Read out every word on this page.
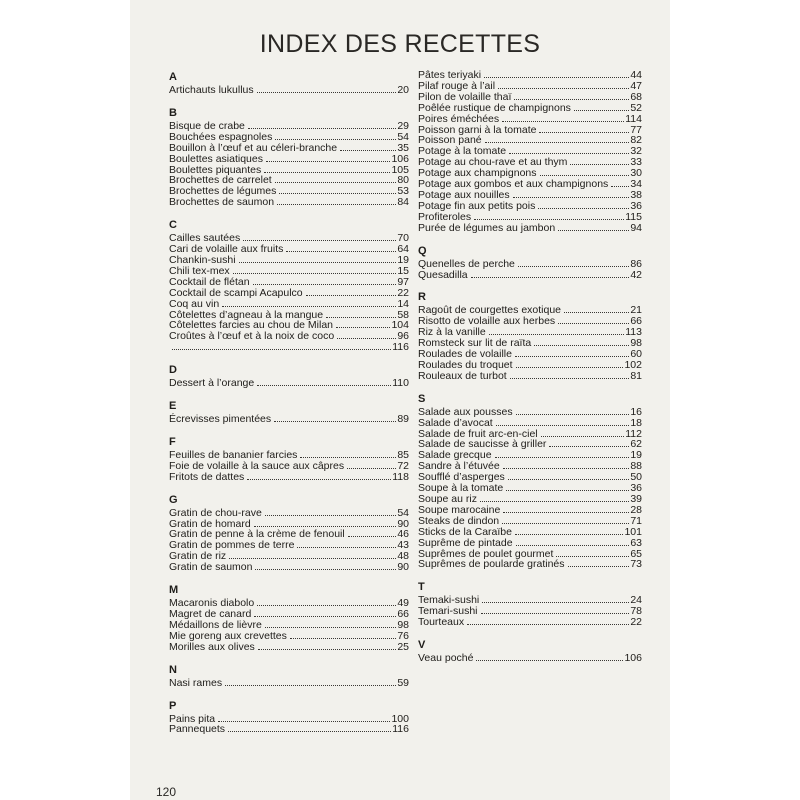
INDEX DES RECETTES
A
Artichauts lukullus	20
B
Bisque de crabe	29
Bouchées espagnoles	54
Bouillon à l’œuf et au céleri-branche	35
Boulettes asiatiques	106
Boulettes piquantes	105
Brochettes de carrelet	80
Brochettes de légumes	53
Brochettes de saumon	84
C
Cailles sautées	70
Cari de volaille aux fruits	64
Chankin-sushi	19
Chili tex-mex	15
Cocktail de flétan	97
Cocktail de scampi Acapulco	22
Coq au vin	14
Côtelettes d’agneau à la mangue	58
Côtelettes farcies au chou de Milan	104
Croûtes à l’œuf et à la noix de coco	96
116
D
Dessert à l’orange	110
E
Écrevisses pimentées	89
F
Feuilles de bananier farcies	85
Foie de volaille à la sauce aux câpres	72
Fritots de dattes	118
G
Gratin de chou-rave	54
Gratin de homard	90
Gratin de penne à la crème de fenouil	46
Gratin de pommes de terre	43
Gratin de riz	48
Gratin de saumon	90
M
Macaronis diabolo	49
Magret de canard	66
Médaillons de lièvre	98
Mie goreng aux crevettes	76
Morilles aux olives	25
N
Nasi rames	59
P
Pains pita	100
Pannequets	116
Pâtes teriyaki	44
Pilaf rouge à l’ail	47
Pilon de volaille thaï	68
Poêlée rustique de champignons	52
Poires éméchées	114
Poisson garni à la tomate	77
Poisson pané	82
Potage à la tomate	32
Potage au chou-rave et au thym	33
Potage aux champignons	30
Potage aux gombos et aux champignons 34
Potage aux nouilles	38
Potage fin aux petits pois	36
Profiteroles	115
Purée de légumes au jambon	94
Q
Quenelles de perche	86
Quesadilla	42
R
Ragoût de courgettes exotique	21
Risotto de volaille aux herbes	66
Riz à la vanille	113
Romsteck sur lit de raïta	98
Roulades de volaille	60
Roulades du troquet	102
Rouleaux de turbot	81
S
Salade aux pousses	16
Salade d’avocat	18
Salade de fruit arc-en-ciel	112
Salade de saucisse à griller	62
Salade grecque	19
Sandre à l’étuvée	88
Soufflé d’asperges	50
Soupe à la tomate	36
Soupe au riz	39
Soupe marocaine	28
Steaks de dindon	71
Sticks de la Caraïbe	101
Suprême de pintade	63
Suprêmes de poulet gourmet	65
Suprêmes de poularde gratinés	73
T
Temaki-sushi	24
Temari-sushi	78
Tourteaux	22
V
Veau poché	106
120
